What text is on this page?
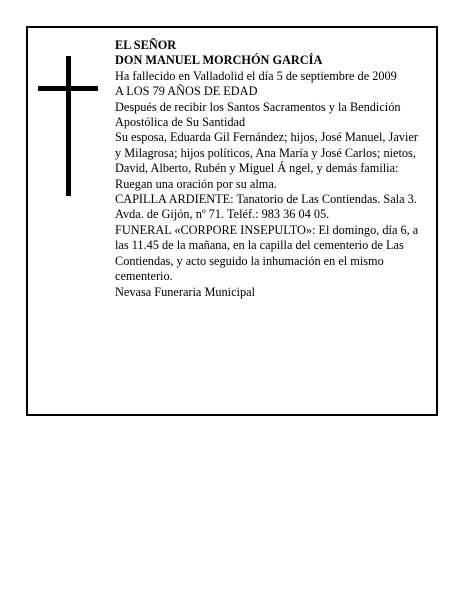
EL SEÑOR

DON MANUEL MORCHÓN GARCÍA

Ha fallecido en Valladolid el día 5 de septiembre de 2009

A LOS 79 AÑOS DE EDAD

Después de recibir los Santos Sacramentos y la Bendición Apostólica de Su Santidad

Su esposa, Eduarda Gil Fernández; hijos, José Manuel, Javier y Milagrosa; hijos políticos, Ana María y José Carlos; nietos, David, Alberto, Rubén y Miguel Á ngel, y demás familia:

Ruegan una oración por su alma.

CAPILLA ARDIENTE: Tanatorio de Las Contiendas. Sala 3. Avda. de Gijón, nº 71. Teléf.: 983 36 04 05.

FUNERAL «CORPORE INSEPULTO»: El domingo, día 6, a las 11.45 de la mañana, en la capilla del cementerio de Las Contiendas, y acto seguido la inhumación en el mismo cementerio.

Nevasa Funeraria Municipal
